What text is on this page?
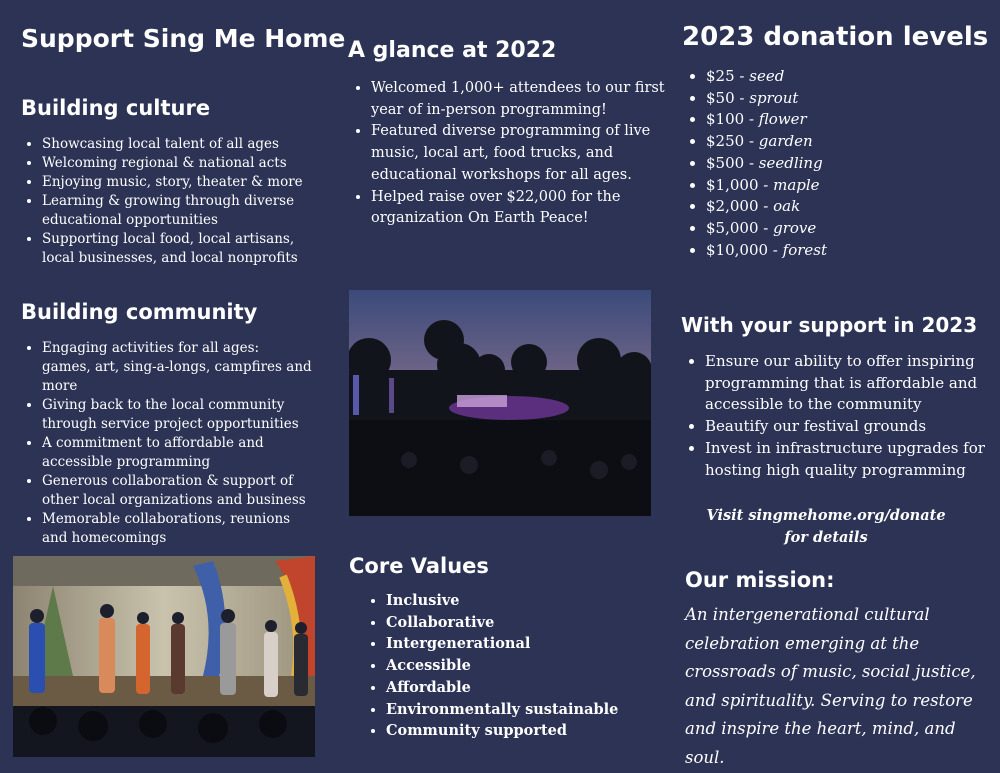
Support Sing Me Home
Building culture
• Showcasing local talent of all ages
• Welcoming regional & national acts
• Enjoying music, story, theater & more
• Learning & growing through diverse educational opportunities
• Supporting local food, local artisans, local businesses, and local nonprofits
Building community
• Engaging activities for all ages: games, art, sing-a-longs, campfires and more
• Giving back to the local community through service project opportunities
• A commitment to affordable and accessible programming
• Generous collaboration & support of other local organizations and business
• Memorable collaborations, reunions and homecomings
A glance at 2022
• Welcomed 1,000+ attendees to our first year of in-person programming!
• Featured diverse programming of live music, local art, food trucks, and educational workshops for all ages.
• Helped raise over $22,000 for the organization On Earth Peace!
Core Values
• Inclusive
• Collaborative
• Intergenerational
• Accessible
• Affordable
• Environmentally sustainable
• Community supported
2023 donation levels
• $25 - seed
• $50 - sprout
• $100 - flower
• $250 - garden
• $500 - seedling
• $1,000 - maple
• $2,000 - oak
• $5,000 - grove
• $10,000 - forest
With your support in 2023
• Ensure our ability to offer inspiring programming that is affordable and accessible to the community
• Beautify our festival grounds
• Invest in infrastructure upgrades for hosting high quality programming
Visit singmehome.org/donate
for details
Our mission:
An intergenerational cultural celebration emerging at the crossroads of music, social justice, and spirituality. Serving to restore and inspire the heart, mind, and soul.
